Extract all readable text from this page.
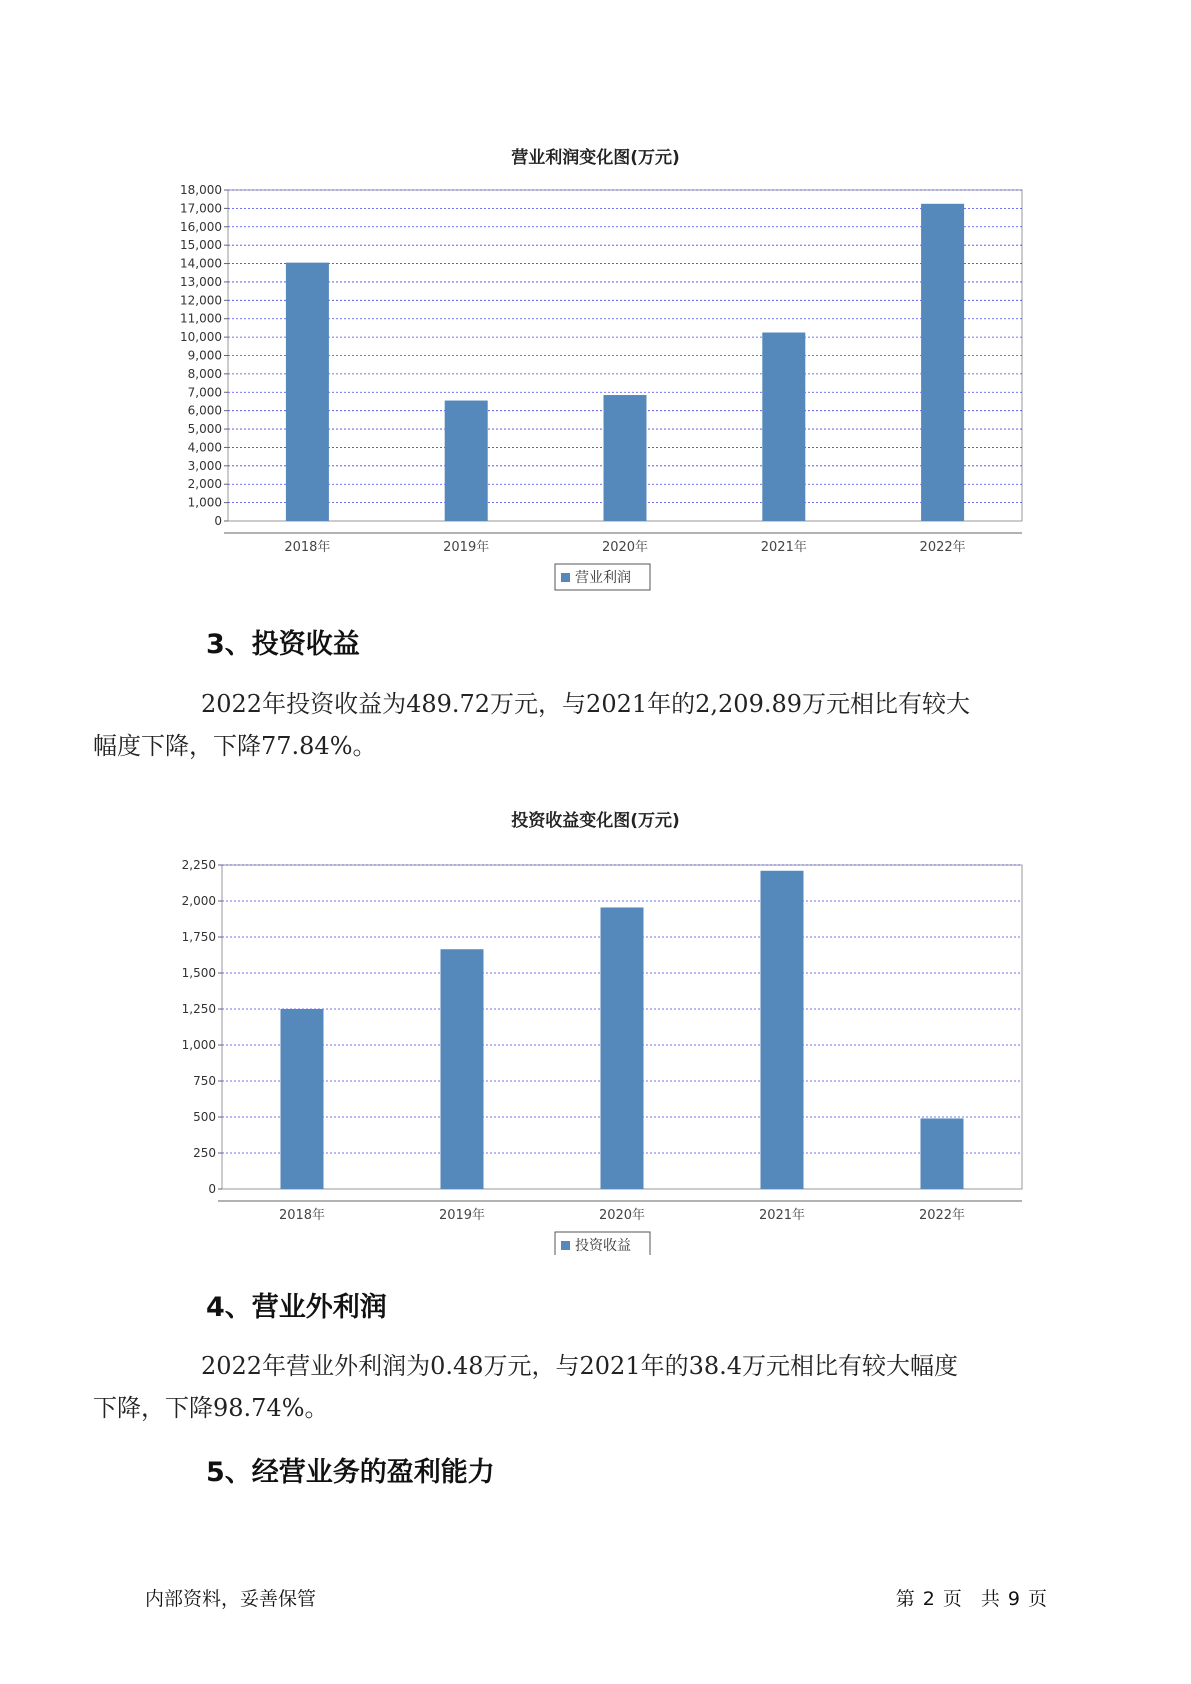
营业利润变化图(万元)
0
1,000
2,000
3,000
4,000
5,000
6,000
7,000
8,000
9,000
10,000
11,000
12,000
13,000
14,000
15,000
16,000
17,000
18,000
2018年	2019年	2020年	2021年	2022年
营业利润
3、投资收益

2022年投资收益为489.72万元，与2021年的2,209.89万元相比有较大
幅度下降，下降77.84%。

投资收益变化图(万元)
0
250
500
750
1,000
1,250
1,500
1,750
2,000
2,250
2018年	2019年	2020年	2021年	2022年
投资收益
4、营业外利润

2022年营业外利润为0.48万元，与2021年的38.4万元相比有较大幅度
下降，下降98.74%。

5、经营业务的盈利能力
内部资料，妥善保管	第 2 页　共 9 页
